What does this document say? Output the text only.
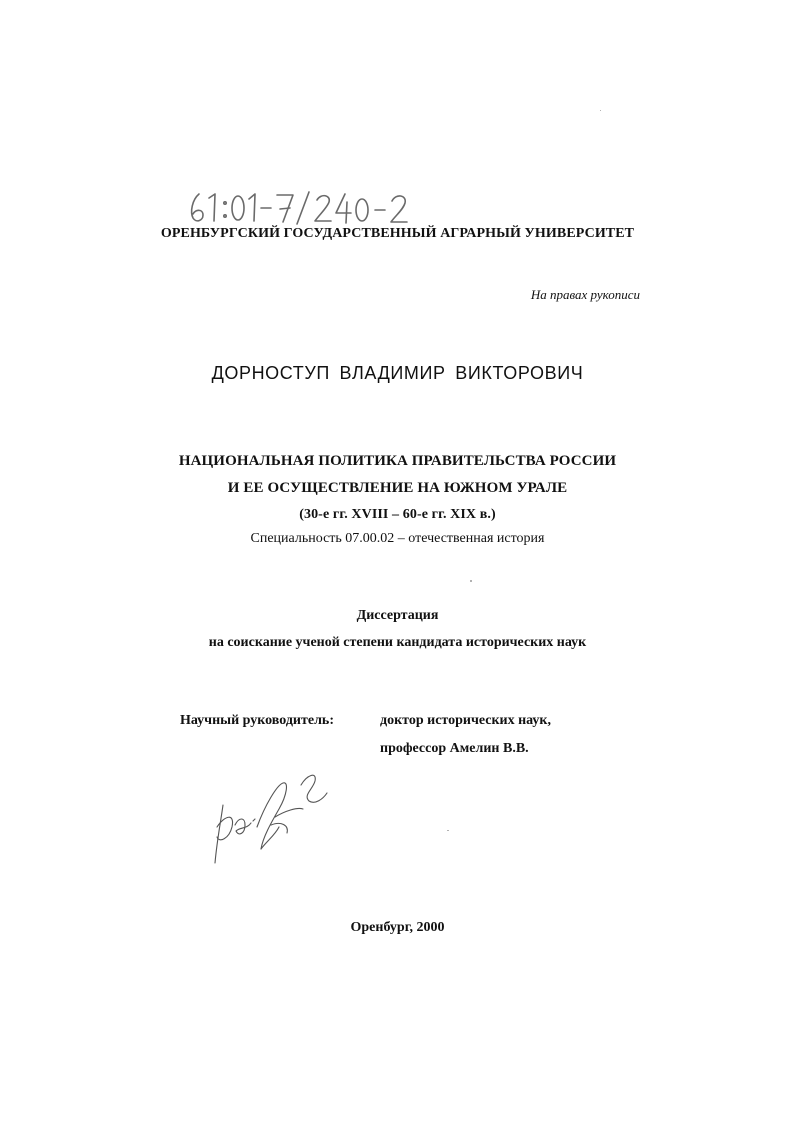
ОРЕНБУРГСКИЙ ГОСУДАРСТВЕННЫЙ АГРАРНЫЙ УНИВЕРСИТЕТ
На правах рукописи
ДОРНОСТУП ВЛАДИМИР ВИКТОРОВИЧ
НАЦИОНАЛЬНАЯ ПОЛИТИКА ПРАВИТЕЛЬСТВА РОССИИ
И ЕЕ ОСУЩЕСТВЛЕНИЕ НА ЮЖНОМ УРАЛЕ
(30-е гг. XVIII – 60-е гг. XIX в.)
Специальность 07.00.02 – отечественная история
Диссертация
на соискание ученой степени кандидата исторических наук
Научный руководитель:	доктор исторических наук,
профессор Амелин В.В.
Оренбург, 2000
